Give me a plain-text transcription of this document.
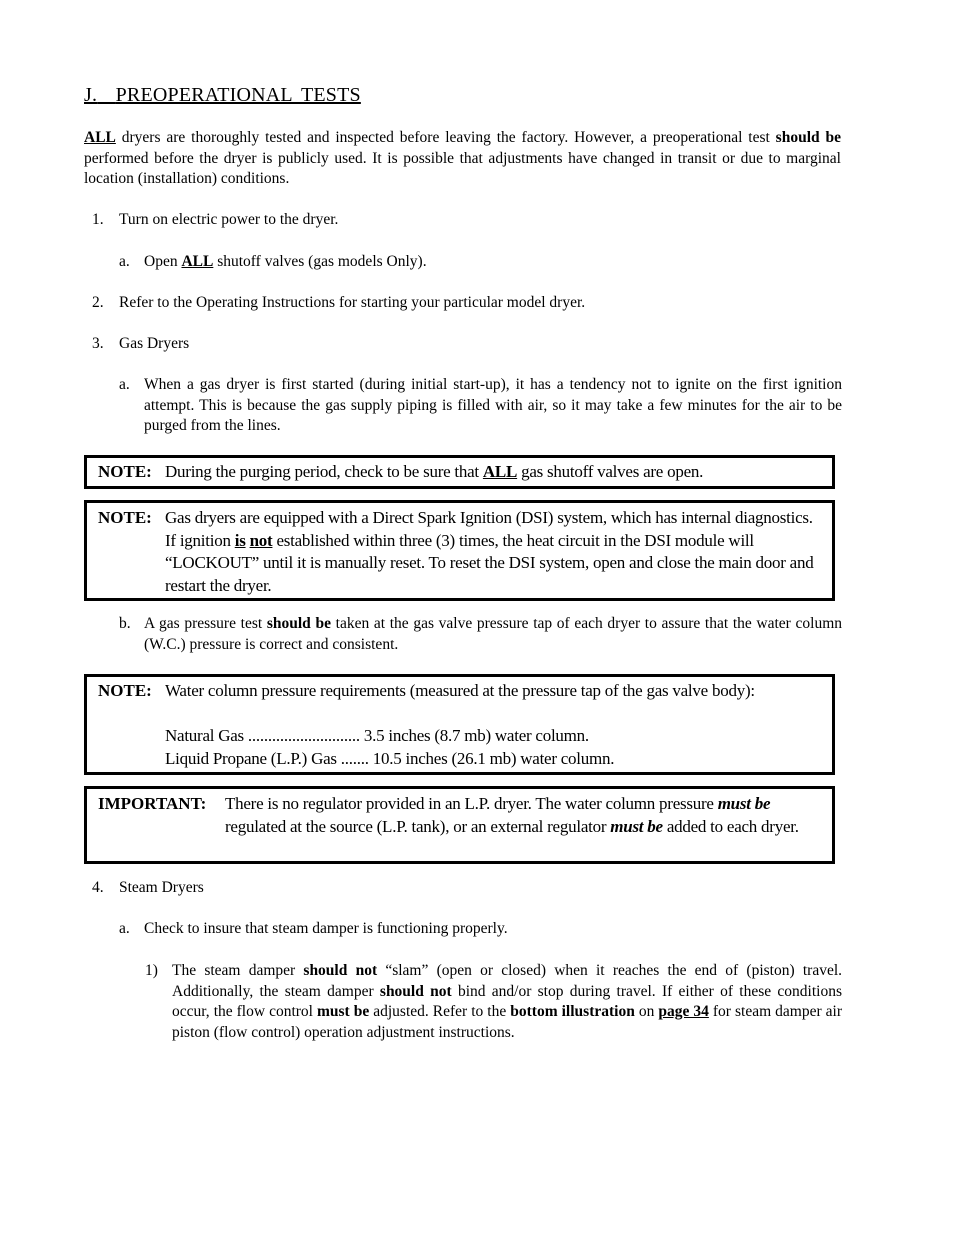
J. PREOPERATIONAL TESTS
ALL dryers are thoroughly tested and inspected before leaving the factory. However, a preoperational test should be performed before the dryer is publicly used. It is possible that adjustments have changed in transit or due to marginal location (installation) conditions.
1. Turn on electric power to the dryer.
a. Open ALL shutoff valves (gas models Only).
2. Refer to the Operating Instructions for starting your particular model dryer.
3. Gas Dryers
a. When a gas dryer is first started (during initial start-up), it has a tendency not to ignite on the first ignition attempt. This is because the gas supply piping is filled with air, so it may take a few minutes for the air to be purged from the lines.
NOTE: During the purging period, check to be sure that ALL gas shutoff valves are open.
NOTE: Gas dryers are equipped with a Direct Spark Ignition (DSI) system, which has internal diagnostics. If ignition is not established within three (3) times, the heat circuit in the DSI module will “LOCKOUT” until it is manually reset. To reset the DSI system, open and close the main door and restart the dryer.
b. A gas pressure test should be taken at the gas valve pressure tap of each dryer to assure that the water column (W.C.) pressure is correct and consistent.
NOTE: Water column pressure requirements (measured at the pressure tap of the gas valve body):
Natural Gas ............................ 3.5 inches (8.7 mb) water column.
Liquid Propane (L.P.) Gas ....... 10.5 inches (26.1 mb) water column.
IMPORTANT: There is no regulator provided in an L.P. dryer. The water column pressure must be regulated at the source (L.P. tank), or an external regulator must be added to each dryer.
4. Steam Dryers
a. Check to insure that steam damper is functioning properly.
1) The steam damper should not “slam” (open or closed) when it reaches the end of (piston) travel. Additionally, the steam damper should not bind and/or stop during travel. If either of these conditions occur, the flow control must be adjusted. Refer to the bottom illustration on page 34 for steam damper air piston (flow control) operation adjustment instructions.
